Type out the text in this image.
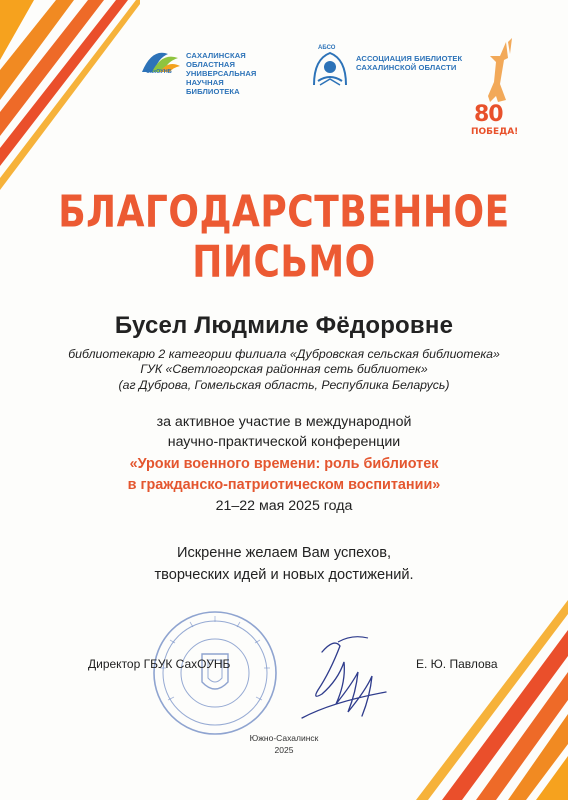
СахОУНБ
САХАЛИНСКАЯ ОБЛАСТНАЯ
УНИВЕРСАЛЬНАЯ НАУЧНАЯ
БИБЛИОТЕКА
АБСО
АССОЦИАЦИЯ БИБЛИОТЕК
САХАЛИНСКОЙ ОБЛАСТИ
80
ПОБЕДА!
БЛАГОДАРСТВЕННОЕ
ПИСЬМО
Бусел Людмиле Фёдоровне
библиотекарю 2 категории филиала «Дубровская сельская библиотека»
ГУК «Светлогорская районная сеть библиотек»
(аг Дуброва, Гомельская область, Республика Беларусь)
за активное участие в международной
научно-практической конференции
«Уроки военного времени: роль библиотек
в гражданско-патриотическом воспитании»
21–22 мая 2025 года
Искренне желаем Вам успехов,
творческих идей и новых достижений.
Директор ГБУК СахОУНБ	Е. Ю. Павлова
Южно-Сахалинск
2025
